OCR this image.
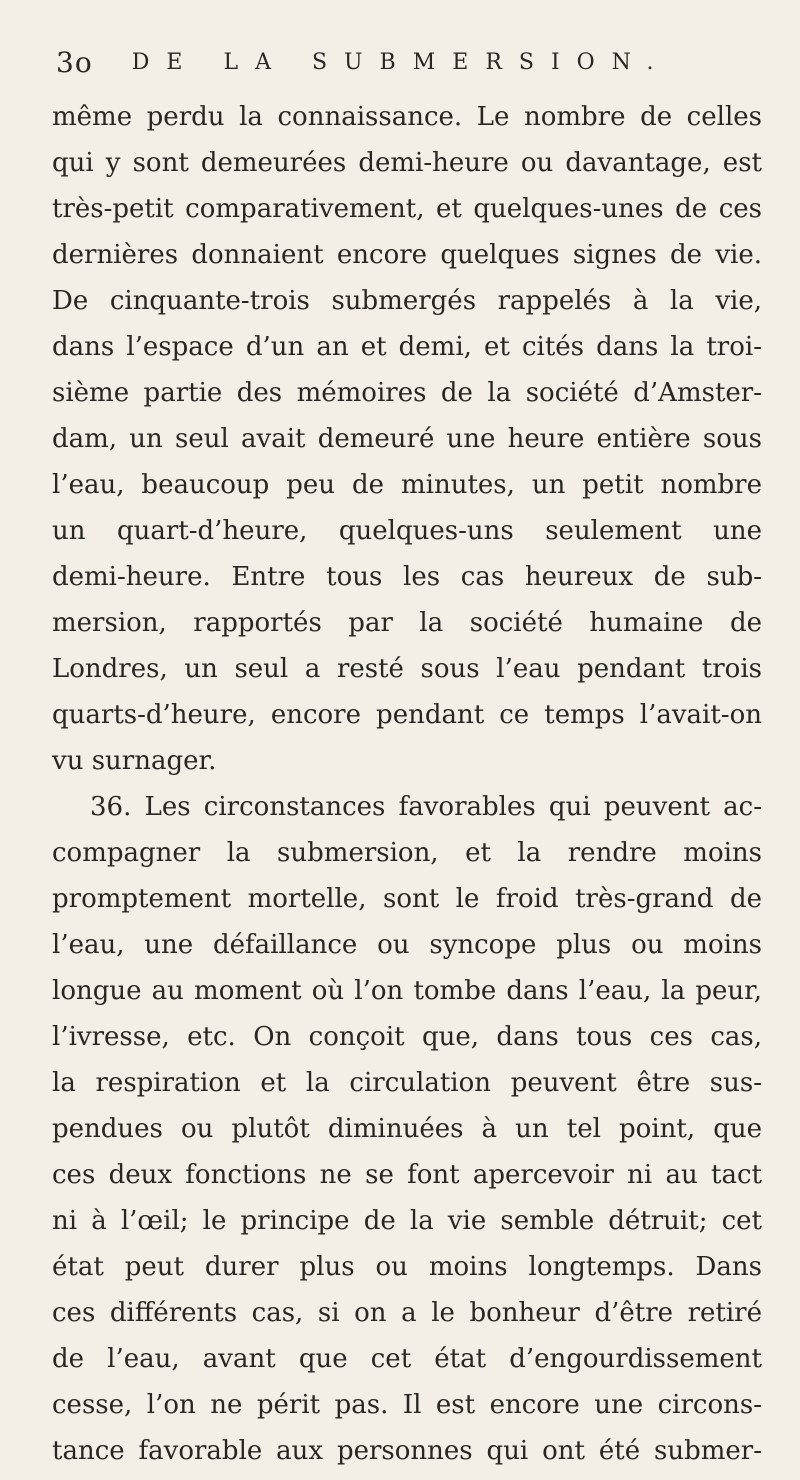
3o DE LA SUBMERSION.
même perdu la connaissance. Le nombre de celles
qui y sont demeurées demi-heure ou davantage, est
très-petit comparativement, et quelques-unes de ces
dernières donnaient encore quelques signes de vie.
De cinquante-trois submergés rappelés à la vie,
dans l’espace d’un an et demi, et cités dans la troi-
sième partie des mémoires de la société d’Amster-
dam, un seul avait demeuré une heure entière sous
l’eau, beaucoup peu de minutes, un petit nombre
un quart-d’heure, quelques-uns seulement une
demi-heure. Entre tous les cas heureux de sub-
mersion, rapportés par la société humaine de
Londres, un seul a resté sous l’eau pendant trois
quarts-d’heure, encore pendant ce temps l’avait-on
vu surnager.
36. Les circonstances favorables qui peuvent ac-
compagner la submersion, et la rendre moins
promptement mortelle, sont le froid très-grand de
l’eau, une défaillance ou syncope plus ou moins
longue au moment où l’on tombe dans l’eau, la peur,
l’ivresse, etc. On conçoit que, dans tous ces cas,
la respiration et la circulation peuvent être sus-
pendues ou plutôt diminuées à un tel point, que
ces deux fonctions ne se font apercevoir ni au tact
ni à l’œil; le principe de la vie semble détruit; cet
état peut durer plus ou moins longtemps. Dans
ces différents cas, si on a le bonheur d’être retiré
de l’eau, avant que cet état d’engourdissement
cesse, l’on ne périt pas. Il est encore une circons-
tance favorable aux personnes qui ont été submer-
